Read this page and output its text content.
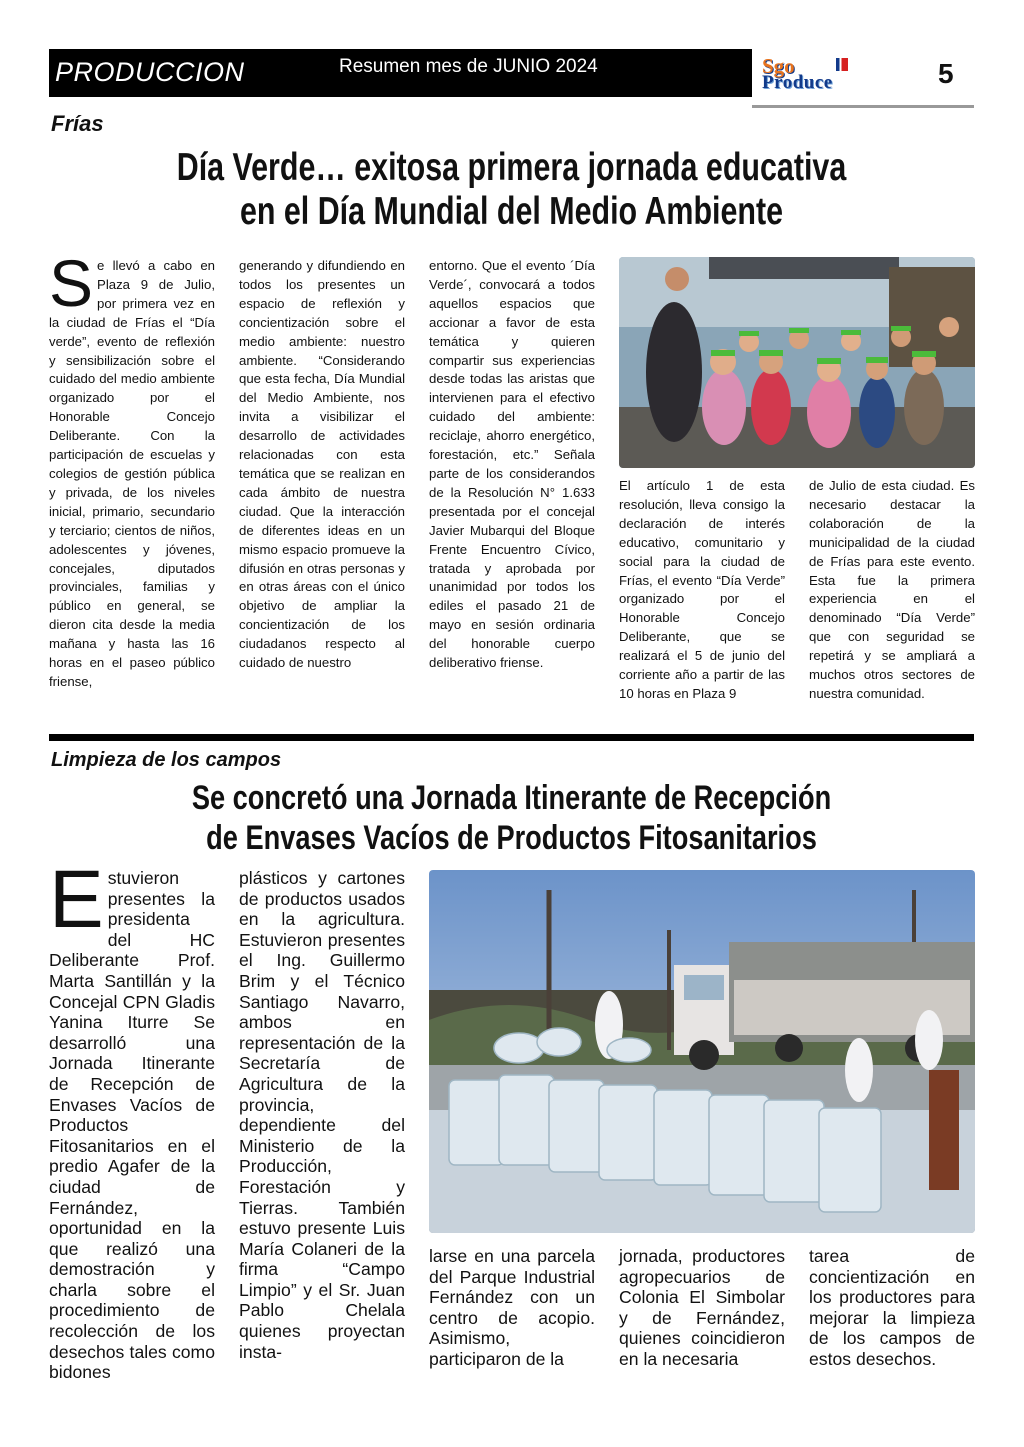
PRODUCCION	Resumen mes de JUNIO 2024	Sgo
Produce	5
Frías
Día Verde… exitosa primera jornada educativa
en el Día Mundial del Medio Ambiente
Se llevó a cabo en Plaza 9 de Julio, por primera vez en la ciudad de Frías el “Día verde”, evento de reflexión y sensibilización sobre el cuidado del medio ambiente organizado por el Honorable Concejo Deliberante. Con la participación de escuelas y colegios de gestión pública y privada, de los niveles inicial, primario, secundario y terciario; cientos de niños, adolescentes y jóvenes, concejales, diputados provinciales, familias y público en general, se dieron cita desde la media mañana y hasta las 16 horas en el paseo público friense,
generando y difundiendo en todos los presentes un espacio de reflexión y concientización sobre el medio ambiente: nuestro ambiente. “Considerando que esta fecha, Día Mundial del Medio Ambiente, nos invita a visibilizar el desarrollo de actividades relacionadas con esta temática que se realizan en cada ámbito de nuestra ciudad. Que la interacción de diferentes ideas en un mismo espacio promueve la difusión en otras personas y en otras áreas con el único objetivo de ampliar la concientización de los ciudadanos respecto al cuidado de nuestro
entorno. Que el evento ´Día Verde´, convocará a todos aquellos espacios que accionar a favor de esta temática y quieren compartir sus experiencias desde todas las aristas que intervienen para el efectivo cuidado del ambiente: reciclaje, ahorro energético, forestación, etc.” Señala parte de los considerandos de la Resolución N° 1.633 presentada por el concejal Javier Mubarqui del Bloque Frente Encuentro Cívico, tratada y aprobada por unanimidad por todos los ediles el pasado 21 de mayo en sesión ordinaria del honorable cuerpo deliberativo friense.
El artículo 1 de esta resolución, lleva consigo la declaración de interés educativo, comunitario y social para la ciudad de Frías, el evento “Día Verde” organizado por el Honorable Concejo Deliberante, que se realizará el 5 de junio del corriente año a partir de las 10 horas en Plaza 9
de Julio de esta ciudad. Es necesario destacar la colaboración de la municipalidad de la ciudad de Frías para este evento. Esta fue la primera experiencia en el denominado “Día Verde” que con seguridad se repetirá y se ampliará a muchos otros sectores de nuestra comunidad.
Limpieza de los campos
Se concretó una Jornada Itinerante de Recepción
de Envases Vacíos de Productos Fitosanitarios
Estuvieron presentes la presidenta del HC Deliberante Prof. Marta Santillán y la Concejal CPN Gladis Yanina Iturre Se desarrolló una Jornada Itinerante de Recepción de Envases Vacíos de Productos Fitosanitarios en el predio Agafer de la ciudad de Fernández, oportunidad en la que realizó una demostración y charla sobre el procedimiento de recolección de los desechos tales como bidones
plásticos y cartones de productos usados en la agricultura. Estuvieron presentes el Ing. Guillermo Brim y el Técnico Santiago Navarro, ambos en representación de la Secretaría de Agricultura de la provincia, dependiente del Ministerio de la Producción, Forestación y Tierras. También estuvo presente Luis María Colaneri de la firma “Campo Limpio” y el Sr. Juan Pablo Chelala quienes proyectan insta-
larse en una parcela del Parque Industrial Fernández con un centro de acopio. Asimismo, participaron de la
jornada, productores agropecuarios de Colonia El Simbolar y de Fernández, quienes coincidieron en la necesaria
tarea de concientización en los productores para mejorar la limpieza de los campos de estos desechos.
